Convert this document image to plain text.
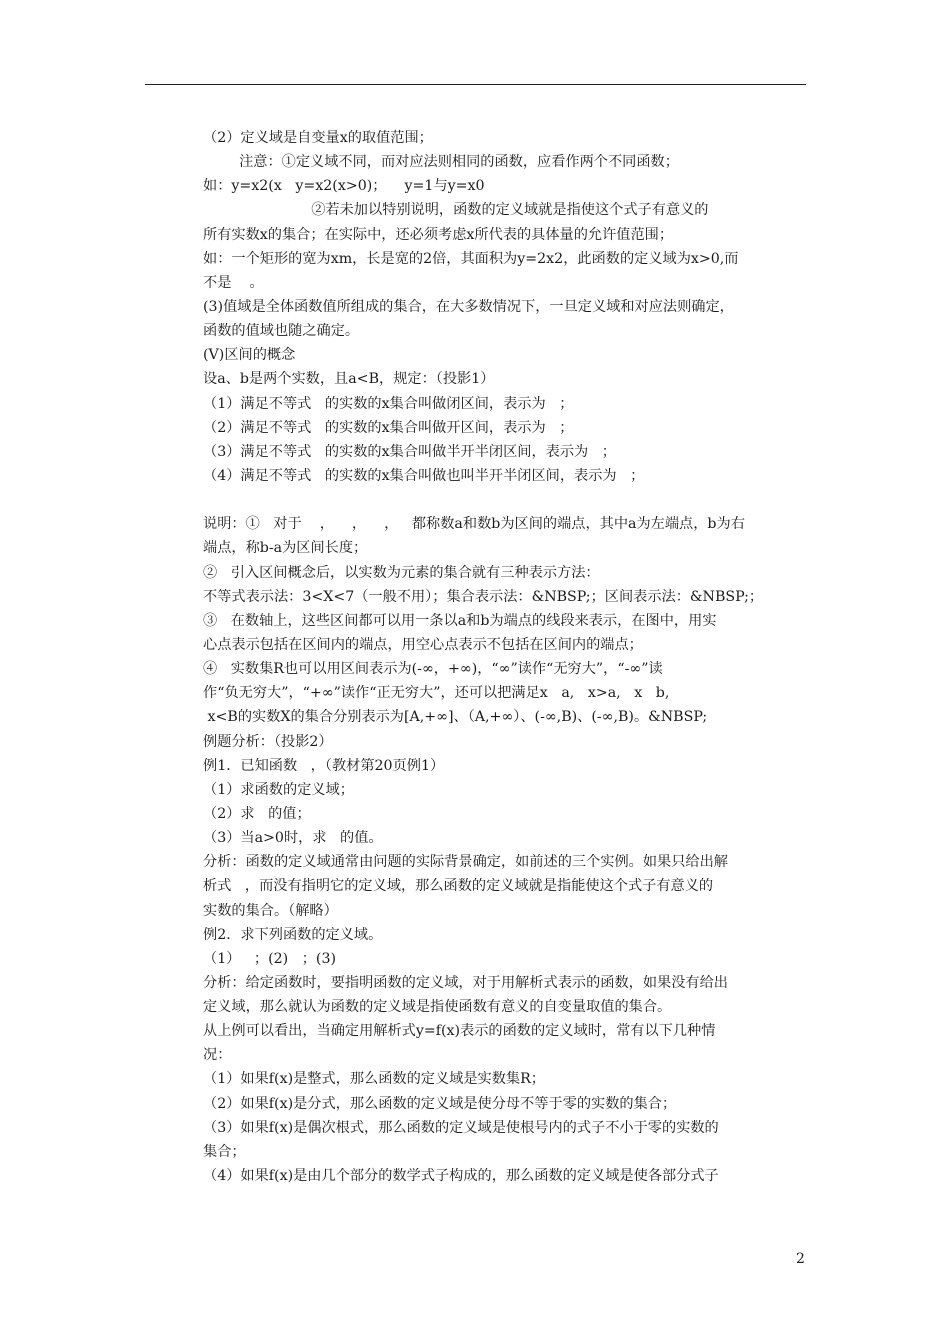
（2）定义域是自变量x的取值范围；
注意：①定义域不同，而对应法则相同的函数，应看作两个不同函数；
如：y=x2(x   y=x2(x>0)；    y=1与y=x0
②若未加以特别说明，函数的定义域就是指使这个式子有意义的
所有实数x的集合；在实际中，还必须考虑x所代表的具体量的允许值范围；
如：一个矩形的宽为xm，长是宽的2倍，其面积为y=2x2，此函数的定义域为x>0,而
不是    。
(3)值域是全体函数值所组成的集合，在大多数情况下，一旦定义域和对应法则确定，
函数的值域也随之确定。
(V)区间的概念
设a、b是两个实数，且a<B，规定：（投影1）
（1）满足不等式   的实数的x集合叫做闭区间，表示为   ；
（2）满足不等式   的实数的x集合叫做开区间，表示为   ；
（3）满足不等式   的实数的x集合叫做半开半闭区间，表示为   ；
（4）满足不等式   的实数的x集合叫做也叫半开半闭区间，表示为   ；
说明：①   对于    ，    ，    ，   都称数a和数b为区间的端点，其中a为左端点，b为右
端点，称b-a为区间长度；
②   引入区间概念后，以实数为元素的集合就有三种表示方法：
不等式表示法：3<X<7（一般不用）；集合表示法：&NBSP;；区间表示法：&NBSP;；
③   在数轴上，这些区间都可以用一条以a和b为端点的线段来表示，在图中，用实
心点表示包括在区间内的端点，用空心点表示不包括在区间内的端点；
④   实数集R也可以用区间表示为(-∞，+∞)，“∞”读作“无穷大”，“-∞”读
作“负无穷大”，“+∞”读作“正无穷大”，还可以把满足x   a,   x>a,   x   b,
x<B的实数X的集合分别表示为[A,+∞]、（A,+∞）、(-∞,B)、(-∞,B)。&NBSP;
例题分析：（投影2）
例1．已知函数   ，（教材第20页例1）
（1）求函数的定义域；
（2）求   的值；
（3）当a>0时，求   的值。
分析：函数的定义域通常由问题的实际背景确定，如前述的三个实例。如果只给出解
析式   ，而没有指明它的定义域，那么函数的定义域就是指能使这个式子有意义的
实数的集合。（解略）
例2．求下列函数的定义域。
（1）   ；(2)   ；(3)
分析：给定函数时，要指明函数的定义域，对于用解析式表示的函数，如果没有给出
定义域，那么就认为函数的定义域是指使函数有意义的自变量取值的集合。
从上例可以看出，当确定用解析式y=f(x)表示的函数的定义域时，常有以下几种情
况：
（1）如果f(x)是整式，那么函数的定义域是实数集R；
（2）如果f(x)是分式，那么函数的定义域是使分母不等于零的实数的集合；
（3）如果f(x)是偶次根式，那么函数的定义域是使根号内的式子不小于零的实数的
集合；
（4）如果f(x)是由几个部分的数学式子构成的，那么函数的定义域是使各部分式子
2
